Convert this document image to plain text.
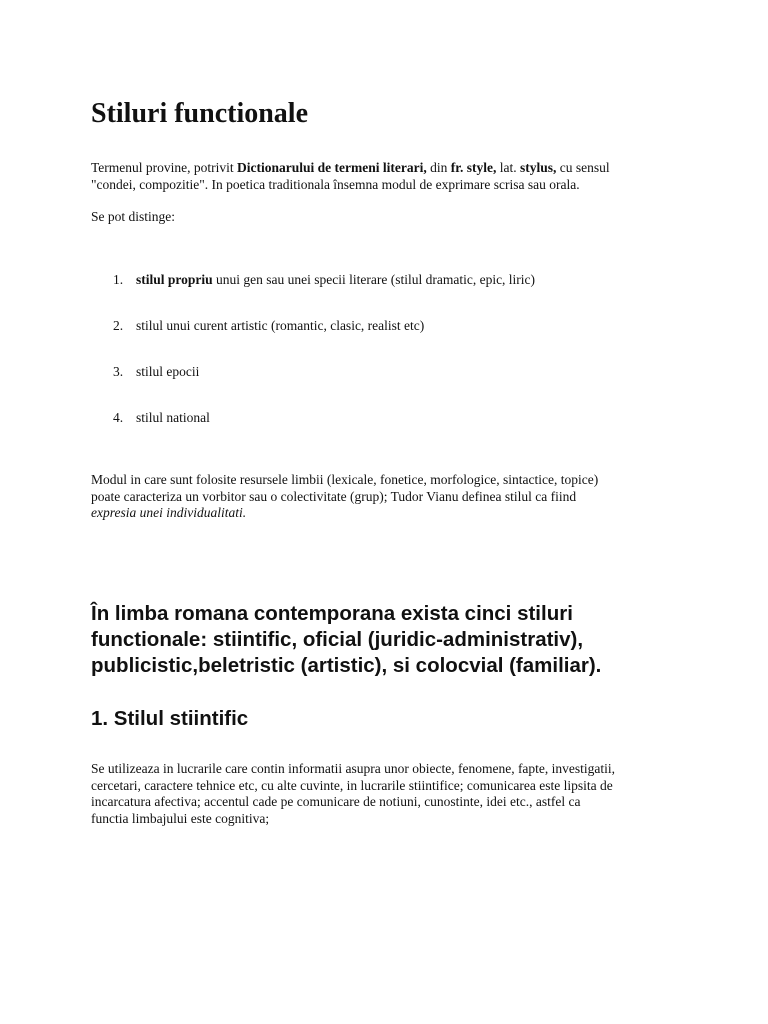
Stiluri functionale

Termenul provine, potrivit Dictionarului de termeni literari, din fr. style, lat. stylus, cu sensul
"condei, compozitie". In poetica traditionala însemna modul de exprimare scrisa sau orala.

Se pot distinge:

1. stilul propriu unui gen sau unei specii literare (stilul dramatic, epic, liric)
2. stilul unui curent artistic (romantic, clasic, realist etc)
3. stilul epocii
4. stilul national

Modul in care sunt folosite resursele limbii (lexicale, fonetice, morfologice, sintactice, topice)
poate caracteriza un vorbitor sau o colectivitate (grup); Tudor Vianu definea stilul ca fiind
expresia unei individualitati.

În limba romana contemporana exista cinci stiluri
functionale: stiintific, oficial (juridic-administrativ),
publicistic,beletristic (artistic), si colocvial (familiar).
1. Stilul stiintific

Se utilizeaza in lucrarile care contin informatii asupra unor obiecte, fenomene, fapte, investigatii,
cercetari, caractere tehnice etc, cu alte cuvinte, in lucrarile stiintifice; comunicarea este lipsita de
incarcatura afectiva; accentul cade pe comunicare de notiuni, cunostinte, idei etc., astfel ca
functia limbajului este cognitiva;
